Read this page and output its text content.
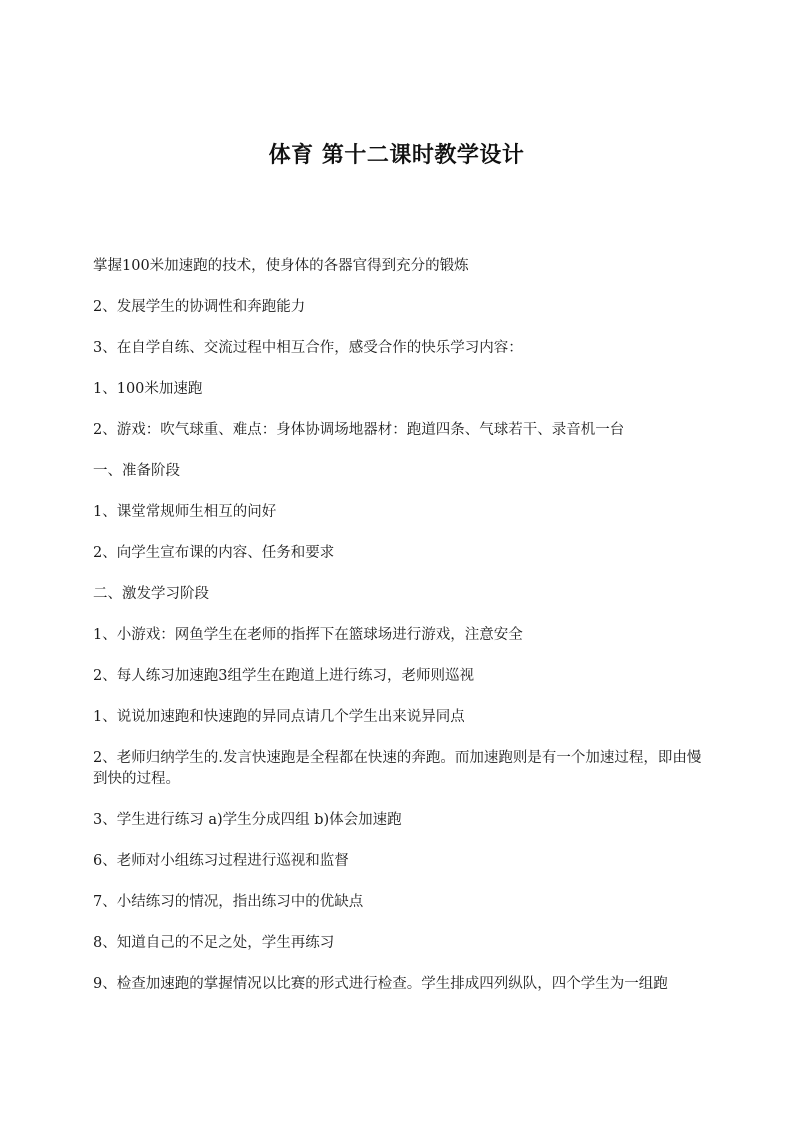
体育 第十二课时教学设计

掌握100米加速跑的技术，使身体的各器官得到充分的锻炼

2、发展学生的协调性和奔跑能力

3、在自学自练、交流过程中相互合作，感受合作的快乐学习内容：

1、100米加速跑

2、游戏：吹气球重、难点：身体协调场地器材：跑道四条、气球若干、录音机一台

一、准备阶段

1、课堂常规师生相互的问好

2、向学生宣布课的内容、任务和要求

二、激发学习阶段

1、小游戏：网鱼学生在老师的指挥下在篮球场进行游戏，注意安全

2、每人练习加速跑3组学生在跑道上进行练习，老师则巡视

1、说说加速跑和快速跑的异同点请几个学生出来说异同点

2、老师归纳学生的.发言快速跑是全程都在快速的奔跑。而加速跑则是有一个加速过程，即由慢到快的过程。

3、学生进行练习 a)学生分成四组 b)体会加速跑

6、老师对小组练习过程进行巡视和监督

7、小结练习的情况，指出练习中的优缺点

8、知道自己的不足之处，学生再练习

9、检查加速跑的掌握情况以比赛的形式进行检查。学生排成四列纵队，四个学生为一组跑
